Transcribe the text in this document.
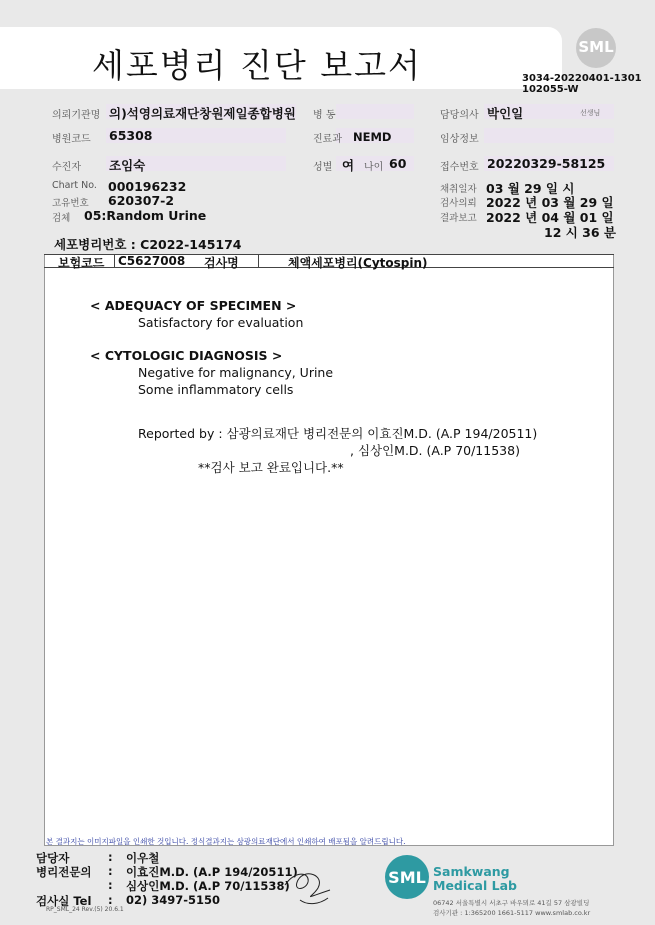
세포병리 진단 보고서	SML
3034-20220401-1301
102055-W
의뢰기관명 의)석영의료재단창원제일종합병원 병 동	담당의사 박인일	선생님
병원코드 65308	진료과 NEMD	임상정보
수진자 조임숙	성별 여 나이 60	접수번호 20220329-58125
Chart No. 000196232
고유번호 620307-2
검체 05:Random Urine
채취일자 03 월 29 일 시
검사의뢰 2022 년 03 월 29 일
결과보고 2022 년 04 월 01 일
12 시 36 분
세포병리번호 : C2022-145174
보험코드 C5627008 검사명	체액세포병리(Cytospin)
< ADEQUACY OF SPECIMEN >
Satisfactory for evaluation
< CYTOLOGIC DIAGNOSIS >
Negative for malignancy, Urine
Some inflammatory cells
Reported by : 삼광의료재단 병리전문의 이효진M.D. (A.P 194/20511)
, 심상인M.D. (A.P 70/11538)
**검사 보고 완료입니다.**
본 결과지는 이미지파일을 인쇄한 것입니다. 정식결과지는 삼광의료재단에서 인쇄하여 배포됨을 알려드립니다.
담당자	: 이우철
병리전문의 : 이효진M.D. (A.P 194/20511)
: 심상인M.D. (A.P 70/11538)
검사실 Tel : 02) 3497-5150
RP_SML_24 Rev.(5) 20.6.1
SML Samkwang
Medical Lab
06742 서울특별시 서초구 바우뫼로 41길 57 삼광빌딩
검사기관 : 1:365200 1661-5117 www.smlab.co.kr
